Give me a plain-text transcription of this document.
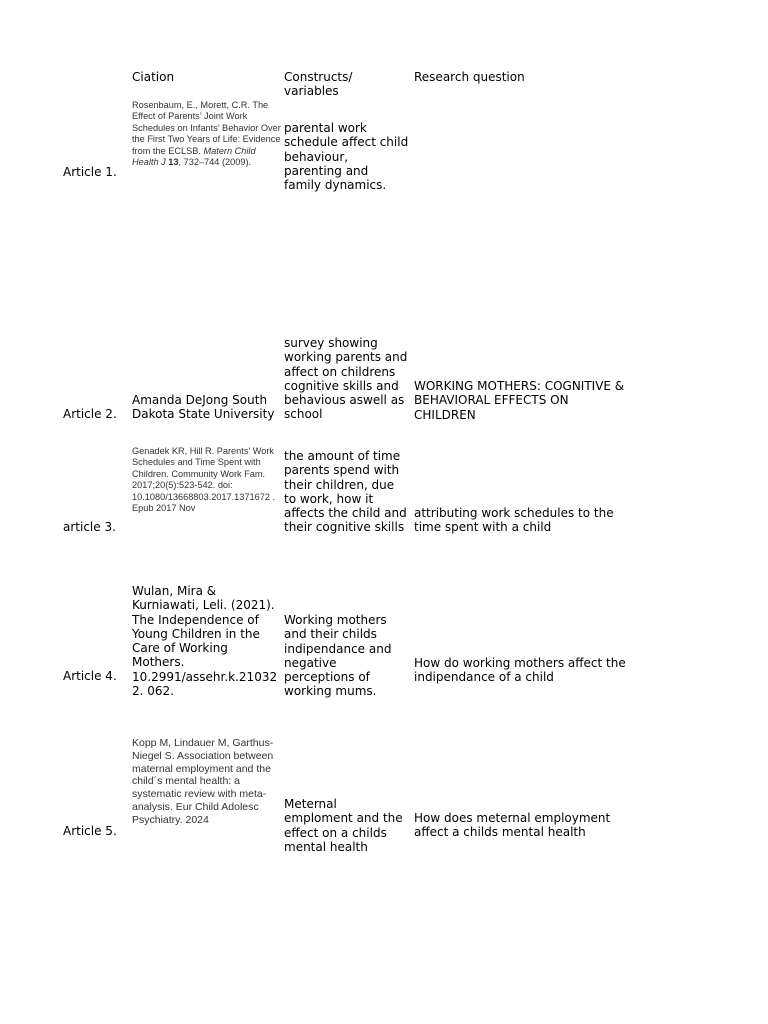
Ciation	Constructs/ variables
Research question
Article 1.
Rosenbaum, E., Morett, C.R. The Effect of Parents’ Joint Work Schedules on Infants’ Behavior Over the First Two Years of Life: Evidence from the ECLSB. Matern Child Health J 13, 732–744 (2009).
parental work schedule affect child behaviour, parenting and family dynamics.
Article 2.
Amanda DeJong South Dakota State University
survey showing working parents and affect on childrens cognitive skills and behavious aswell as school
WORKING MOTHERS: COGNITIVE & BEHAVIORAL EFFECTS ON CHILDREN
article 3.
Genadek KR, Hill R. Parents' Work Schedules and Time Spent with Children. Community Work Fam. 2017;20(5):523-542. doi: 10.1080/13668803.2017.1371672 . Epub 2017 Nov
the amount of time parents spend with their children, due to work, how it affects the child and their cognitive skills
attributing work schedules to the time spent with a child
Article 4.
Wulan, Mira & Kurniawati, Leli. (2021). The Independence of Young Children in the Care of Working Mothers. 10.2991/assehr.k.210322. 062.
Working mothers and their childs indipendance and negative perceptions of working mums.
How do working mothers affect the indipendance of a child
Article 5.
Kopp M, Lindauer M, Garthus-Niegel S. Association between maternal employment and the child´s mental health: a systematic review with meta-analysis. Eur Child Adolesc Psychiatry. 2024
Meternal emploment and the effect on a childs mental health
How does meternal employment affect a childs mental health
